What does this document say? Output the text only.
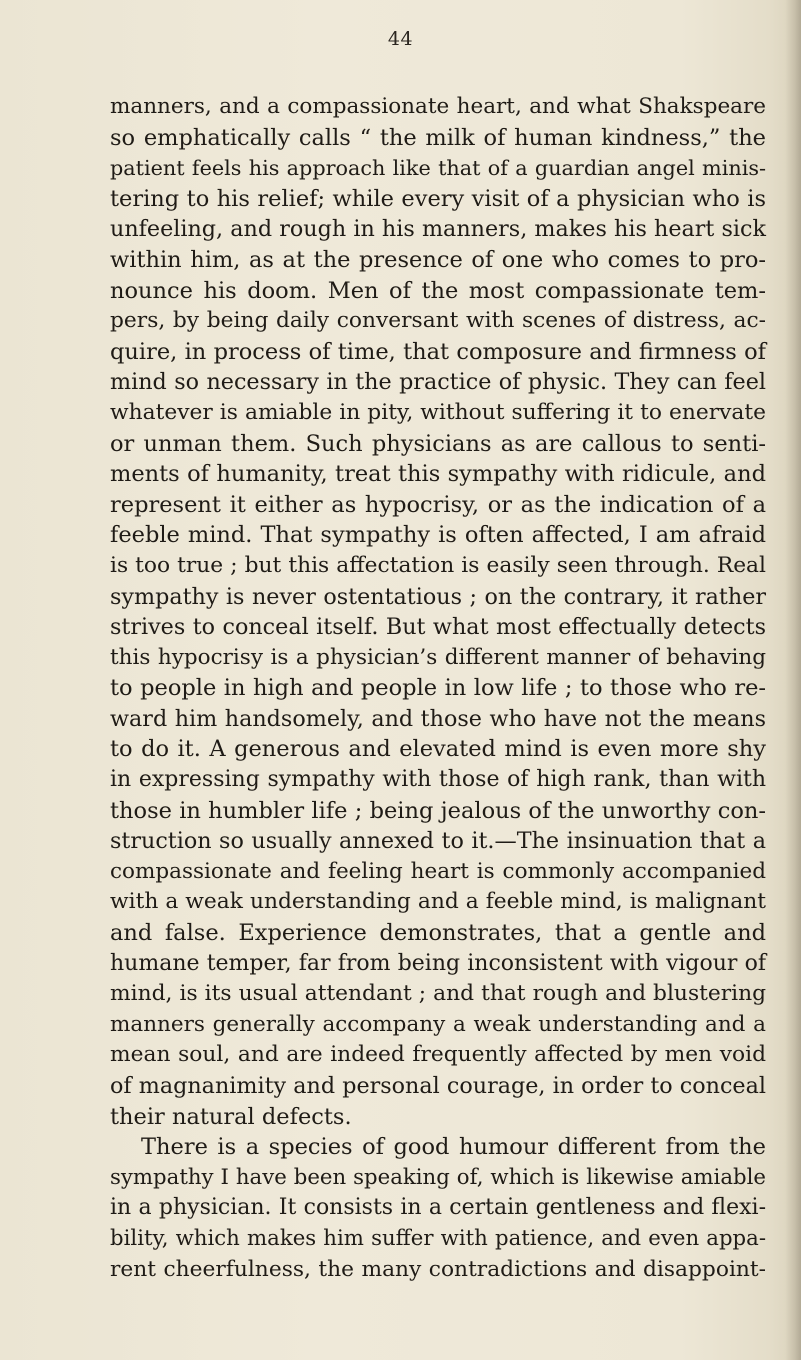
44
manners, and a compassionate heart, and what Shakspeare
so emphatically calls “ the milk of human kindness,” the
patient feels his approach like that of a guardian angel minis-
tering to his relief; while every visit of a physician who is
unfeeling, and rough in his manners, makes his heart sick
within him, as at the presence of one who comes to pro-
nounce his doom. Men of the most compassionate tem-
pers, by being daily conversant with scenes of distress, ac-
quire, in process of time, that composure and firmness of
mind so necessary in the practice of physic. They can feel
whatever is amiable in pity, without suffering it to enervate
or unman them. Such physicians as are callous to senti-
ments of humanity, treat this sympathy with ridicule, and
represent it either as hypocrisy, or as the indication of a
feeble mind. That sympathy is often affected, I am afraid
is too true ; but this affectation is easily seen through. Real
sympathy is never ostentatious ; on the contrary, it rather
strives to conceal itself. But what most effectually detects
this hypocrisy is a physician’s different manner of behaving
to people in high and people in low life ; to those who re-
ward him handsomely, and those who have not the means
to do it. A generous and elevated mind is even more shy
in expressing sympathy with those of high rank, than with
those in humbler life ; being jealous of the unworthy con-
struction so usually annexed to it.—The insinuation that a
compassionate and feeling heart is commonly accompanied
with a weak understanding and a feeble mind, is malignant
and false. Experience demonstrates, that a gentle and
humane temper, far from being inconsistent with vigour of
mind, is its usual attendant ; and that rough and blustering
manners generally accompany a weak understanding and a
mean soul, and are indeed frequently affected by men void
of magnanimity and personal courage, in order to conceal
their natural defects.
There is a species of good humour different from the
sympathy I have been speaking of, which is likewise amiable
in a physician. It consists in a certain gentleness and flexi-
bility, which makes him suffer with patience, and even appa-
rent cheerfulness, the many contradictions and disappoint-
